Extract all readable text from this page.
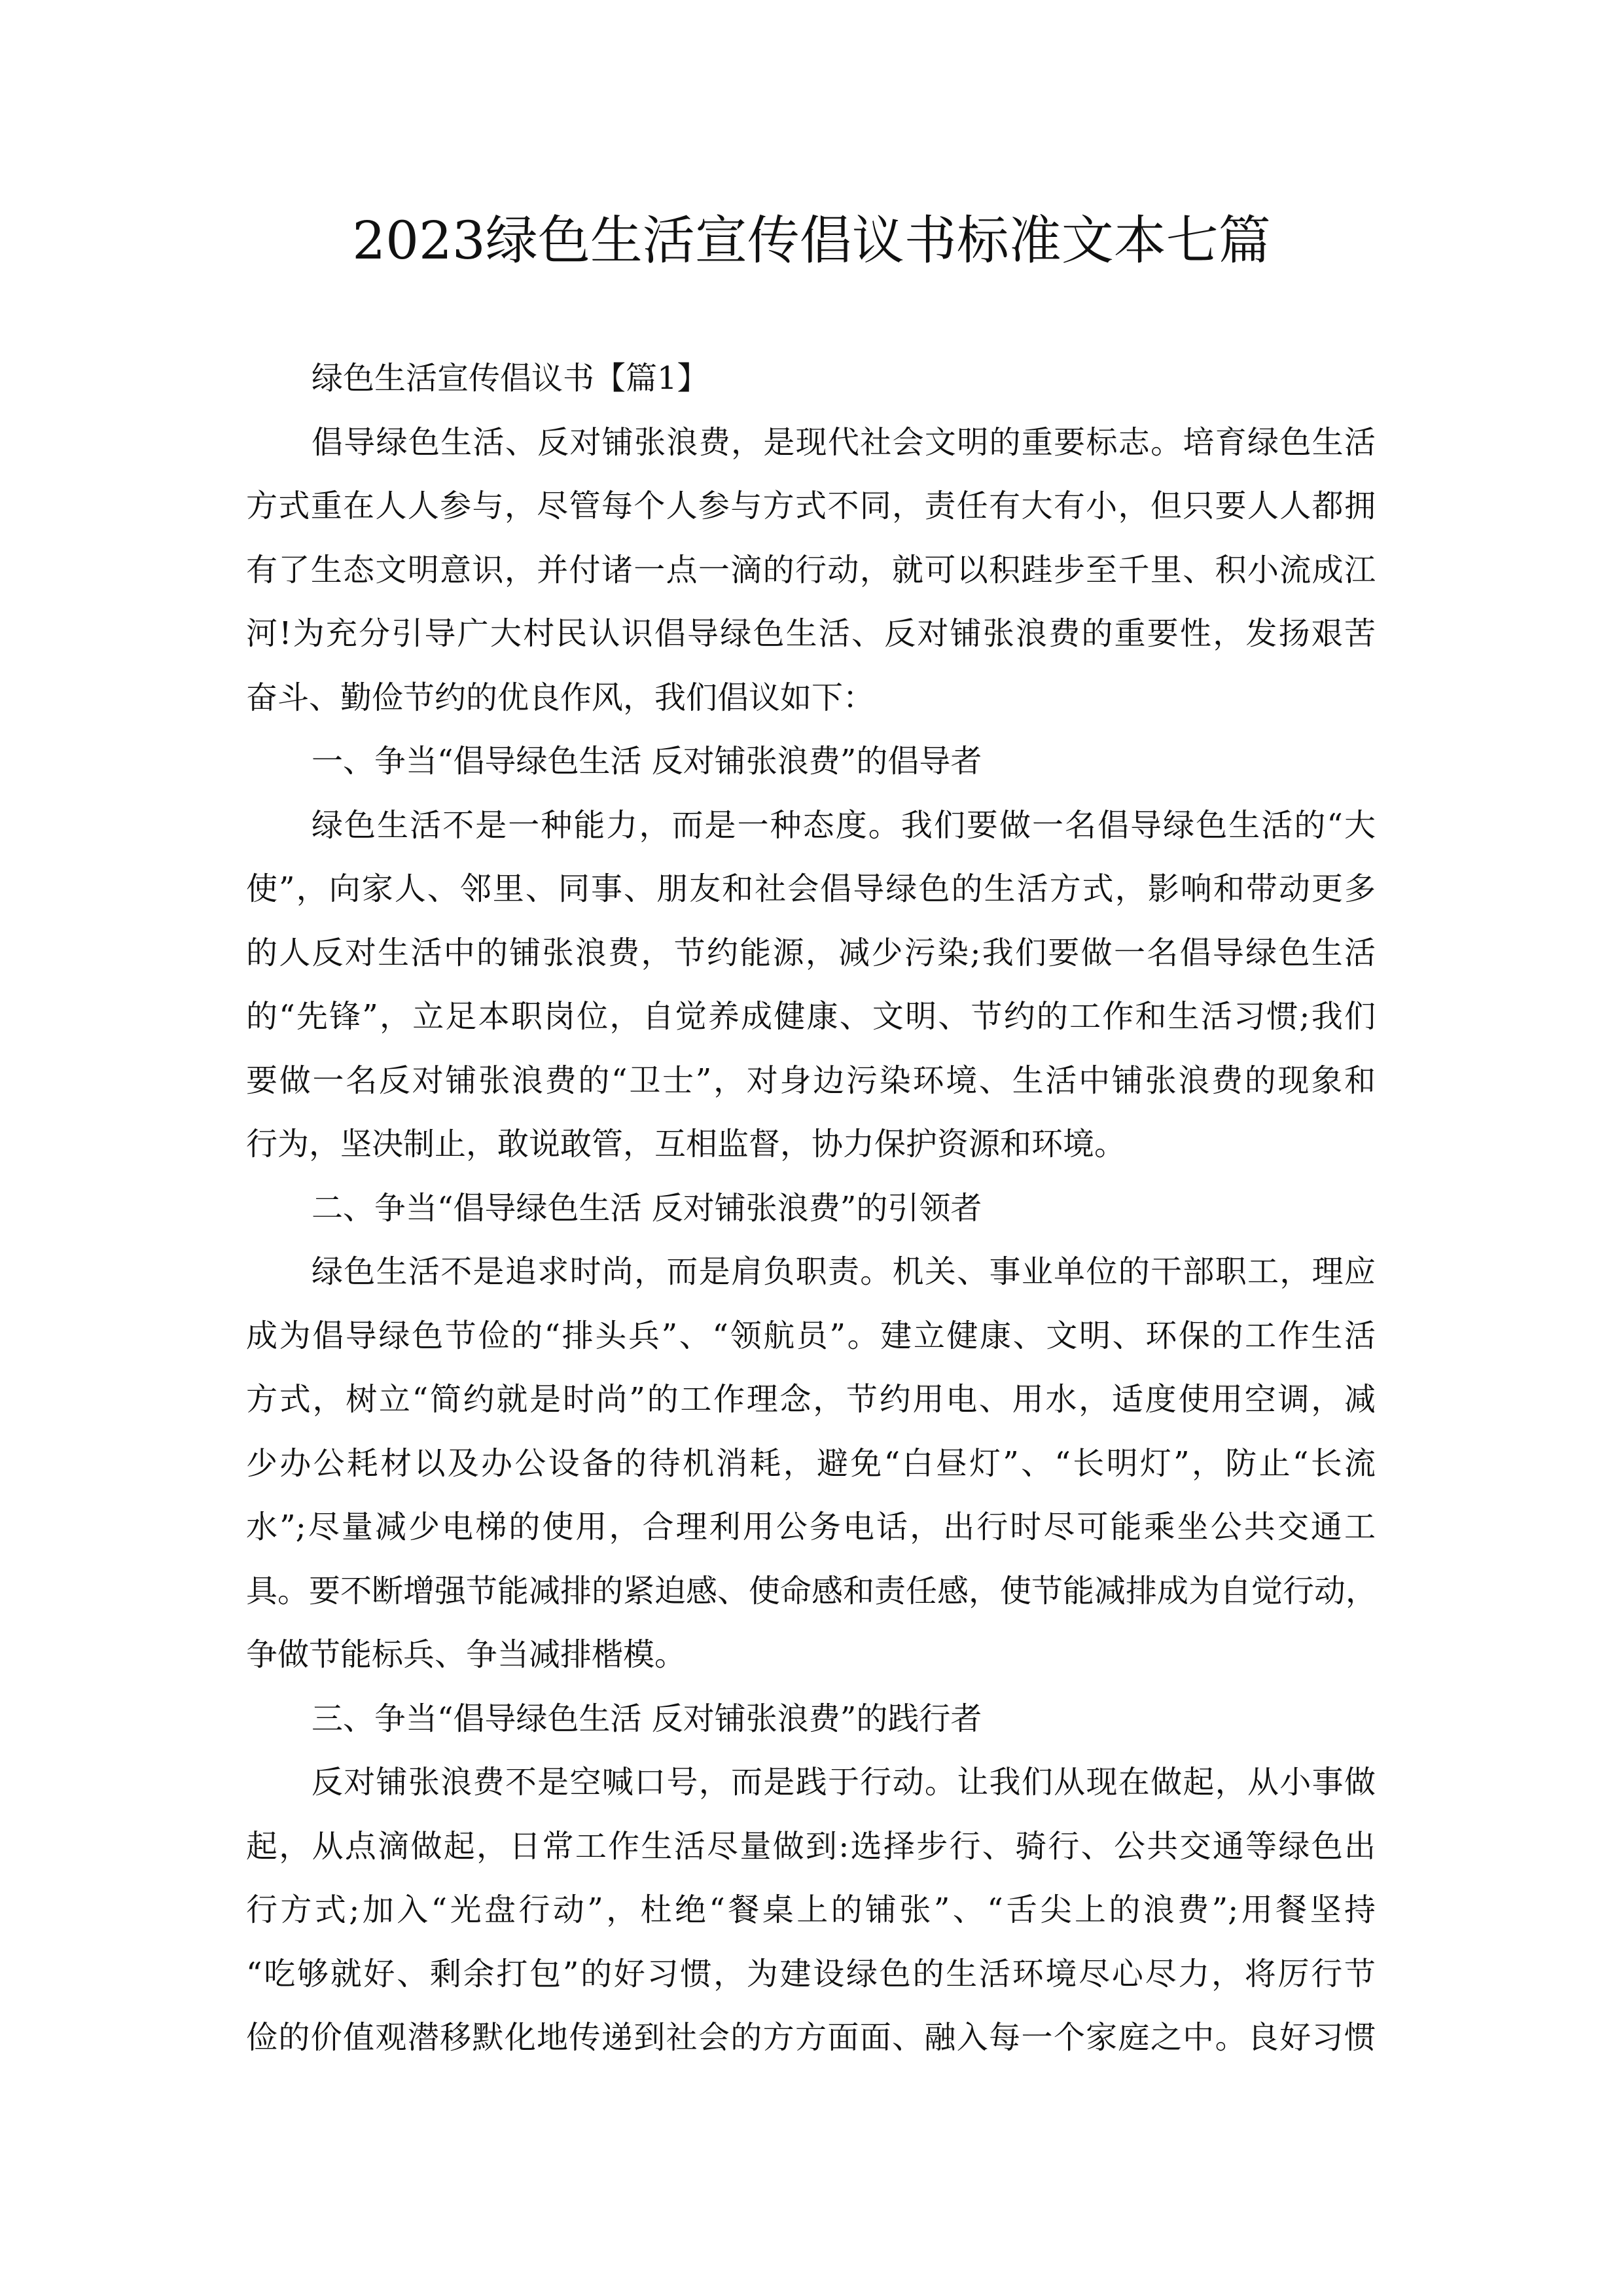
2023绿色生活宣传倡议书标准文本七篇
绿色生活宣传倡议书【篇1】
倡导绿色生活、反对铺张浪费，是现代社会文明的重要标志。培育绿色生活
方式重在人人参与，尽管每个人参与方式不同，责任有大有小，但只要人人都拥
有了生态文明意识，并付诸一点一滴的行动，就可以积跬步至千里、积小流成江
河!为充分引导广大村民认识倡导绿色生活、反对铺张浪费的重要性，发扬艰苦
奋斗、勤俭节约的优良作风，我们倡议如下：
一、争当“倡导绿色生活 反对铺张浪费”的倡导者
绿色生活不是一种能力，而是一种态度。我们要做一名倡导绿色生活的“大
使”，向家人、邻里、同事、朋友和社会倡导绿色的生活方式，影响和带动更多
的人反对生活中的铺张浪费，节约能源，减少污染;我们要做一名倡导绿色生活
的“先锋”，立足本职岗位，自觉养成健康、文明、节约的工作和生活习惯;我们
要做一名反对铺张浪费的“卫士”，对身边污染环境、生活中铺张浪费的现象和
行为，坚决制止，敢说敢管，互相监督，协力保护资源和环境。
二、争当“倡导绿色生活 反对铺张浪费”的引领者
绿色生活不是追求时尚，而是肩负职责。机关、事业单位的干部职工，理应
成为倡导绿色节俭的“排头兵”、“领航员”。建立健康、文明、环保的工作生活
方式，树立“简约就是时尚”的工作理念，节约用电、用水，适度使用空调，减
少办公耗材以及办公设备的待机消耗，避免“白昼灯”、“长明灯”，防止“长流
水”;尽量减少电梯的使用，合理利用公务电话，出行时尽可能乘坐公共交通工
具。要不断增强节能减排的紧迫感、使命感和责任感，使节能减排成为自觉行动，
争做节能标兵、争当减排楷模。
三、争当“倡导绿色生活 反对铺张浪费”的践行者
反对铺张浪费不是空喊口号，而是践于行动。让我们从现在做起，从小事做
起，从点滴做起，日常工作生活尽量做到:选择步行、骑行、公共交通等绿色出
行方式;加入“光盘行动”，杜绝“餐桌上的铺张”、“舌尖上的浪费”;用餐坚持
“吃够就好、剩余打包”的好习惯，为建设绿色的生活环境尽心尽力，将厉行节
俭的价值观潜移默化地传递到社会的方方面面、融入每一个家庭之中。良好习惯
